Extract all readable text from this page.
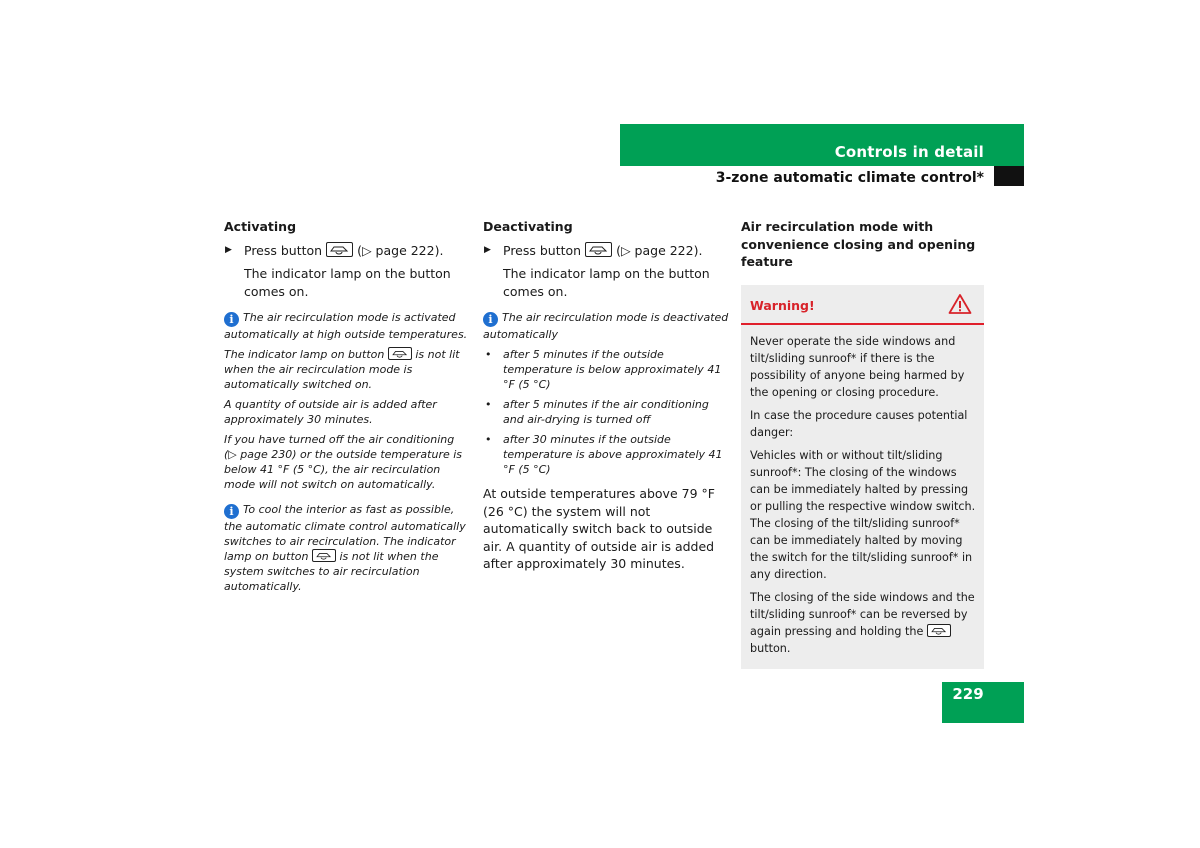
Controls in detail
3-zone automatic climate control*

Activating

▶ Press button	(▷ page 222).

The indicator lamp on the button comes on.

i The air recirculation mode is activated automatically at high outside temperatures.

The indicator lamp on button	is not lit when the air recirculation mode is automatically switched on.

A quantity of outside air is added after approximately 30 minutes.

If you have turned off the air conditioning (▷ page 230) or the outside temperature is below 41 °F (5 °C), the air recirculation mode will not switch on automatically.

i To cool the interior as fast as possible, the automatic climate control automatically switches to air recirculation. The indicator lamp on button	is not lit when the system switches to air recirculation automatically.

Deactivating

▶ Press button	(▷ page 222).

The indicator lamp on the button comes on.

i The air recirculation mode is deactivated automatically

• after 5 minutes if the outside temperature is below approximately 41 °F (5 °C)

• after 5 minutes if the air conditioning and air-drying is turned off

• after 30 minutes if the outside temperature is above approximately 41 °F (5 °C)

At outside temperatures above 79 °F (26 °C) the system will not automatically switch back to outside air. A quantity of outside air is added after approximately 30 minutes.

Air recirculation mode with convenience closing and opening feature

Warning!

Never operate the side windows and tilt/sliding sunroof* if there is the possibility of anyone being harmed by the opening or closing procedure.

In case the procedure causes potential danger:

Vehicles with or without tilt/sliding sunroof*: The closing of the windows can be immediately halted by pressing or pulling the respective window switch. The closing of the tilt/sliding sunroof* can be immediately halted by moving the switch for the tilt/sliding sunroof* in any direction.

The closing of the side windows and the tilt/sliding sunroof* can be reversed by again pressing and holding the
button.

229
